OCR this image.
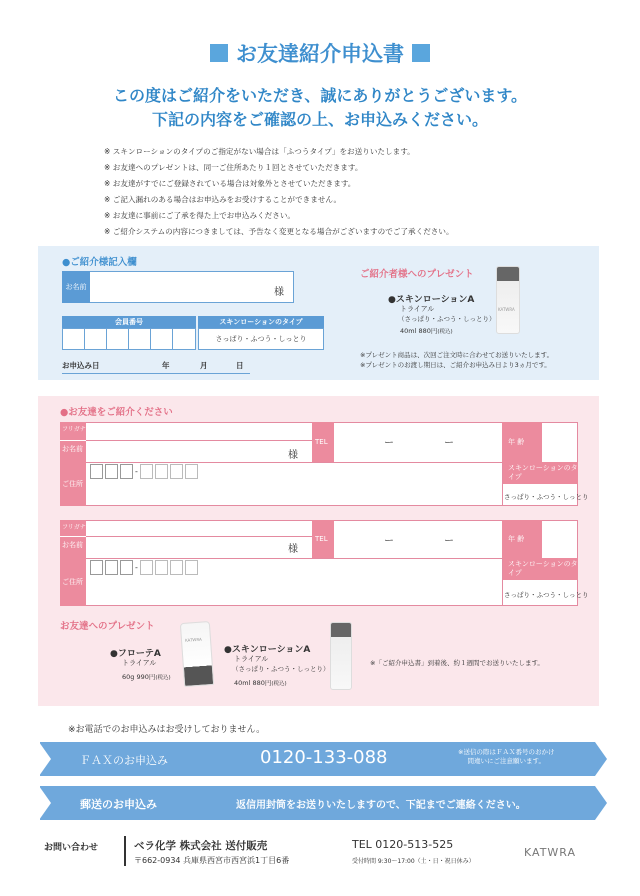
お友達紹介申込書
この度はご紹介をいただき、誠にありがとうございます。
下記の内容をご確認の上、お申込みください。
※ スキンローションのタイプのご指定がない場合は「ふつうタイプ」をお送りいたします。
※ お友達へのプレゼントは、同一ご住所あたり１回とさせていただきます。
※ お友達がすでにご登録されている場合は対象外とさせていただきます。
※ ご記入漏れのある場合はお申込みをお受けすることができません。
※ お友達に事前にご了承を得た上でお申込みください。
※ ご紹介システムの内容につきましては、予告なく変更となる場合がございますのでご了承ください。
●ご紹介様記入欄
お名前	様
会員番号	スキンローションのタイプ
さっぱり・ふつう・しっとり
お申込み日	年	月	日
ご紹介者様へのプレゼント
●スキンローションA
トライアル
（さっぱり・ふつう・しっとり）
40ml 880円(税込)
KATWRA
※プレゼント商品は、次回ご注文時に合わせてお送りいたします。
※プレゼントのお渡し期日は、ご紹介お申込み日より3ヵ月です。
●お友達をご紹介ください
フリガナ
お名前
様
TEL	ー	ー	年 齢
ご住所
-	スキンローションのタイプ
さっぱり・ふつう・しっとり
フリガナ
お名前	様
TEL	ー	ー	年 齢
ご住所
-	スキンローションのタイプ
さっぱり・ふつう・しっとり
お友達へのプレゼント
●フローテA
トライアル
60g 990円(税込)
KATWRA
●スキンローションA
トライアル
（さっぱり・ふつう・しっとり）
40ml 880円(税込)
※「ご紹介申込書」到着後、約１週間でお送りいたします。
※お電話でのお申込みはお受けしておりません。
ＦＡＸのお申込み	0120-133-088	※送信の際はＦＡＸ番号のおかけ
間違いにご注意願います。
郵送のお申込み	返信用封筒をお送りいたしますので、下記までご連絡ください。
お問い合わせ	ベラ化学 株式会社 送付販売
〒662-0934 兵庫県西宮市西宮浜1丁目6番
TEL 0120-513-525
受付時間 9:30〜17:00（土・日・祝日休み）
KATWRA
